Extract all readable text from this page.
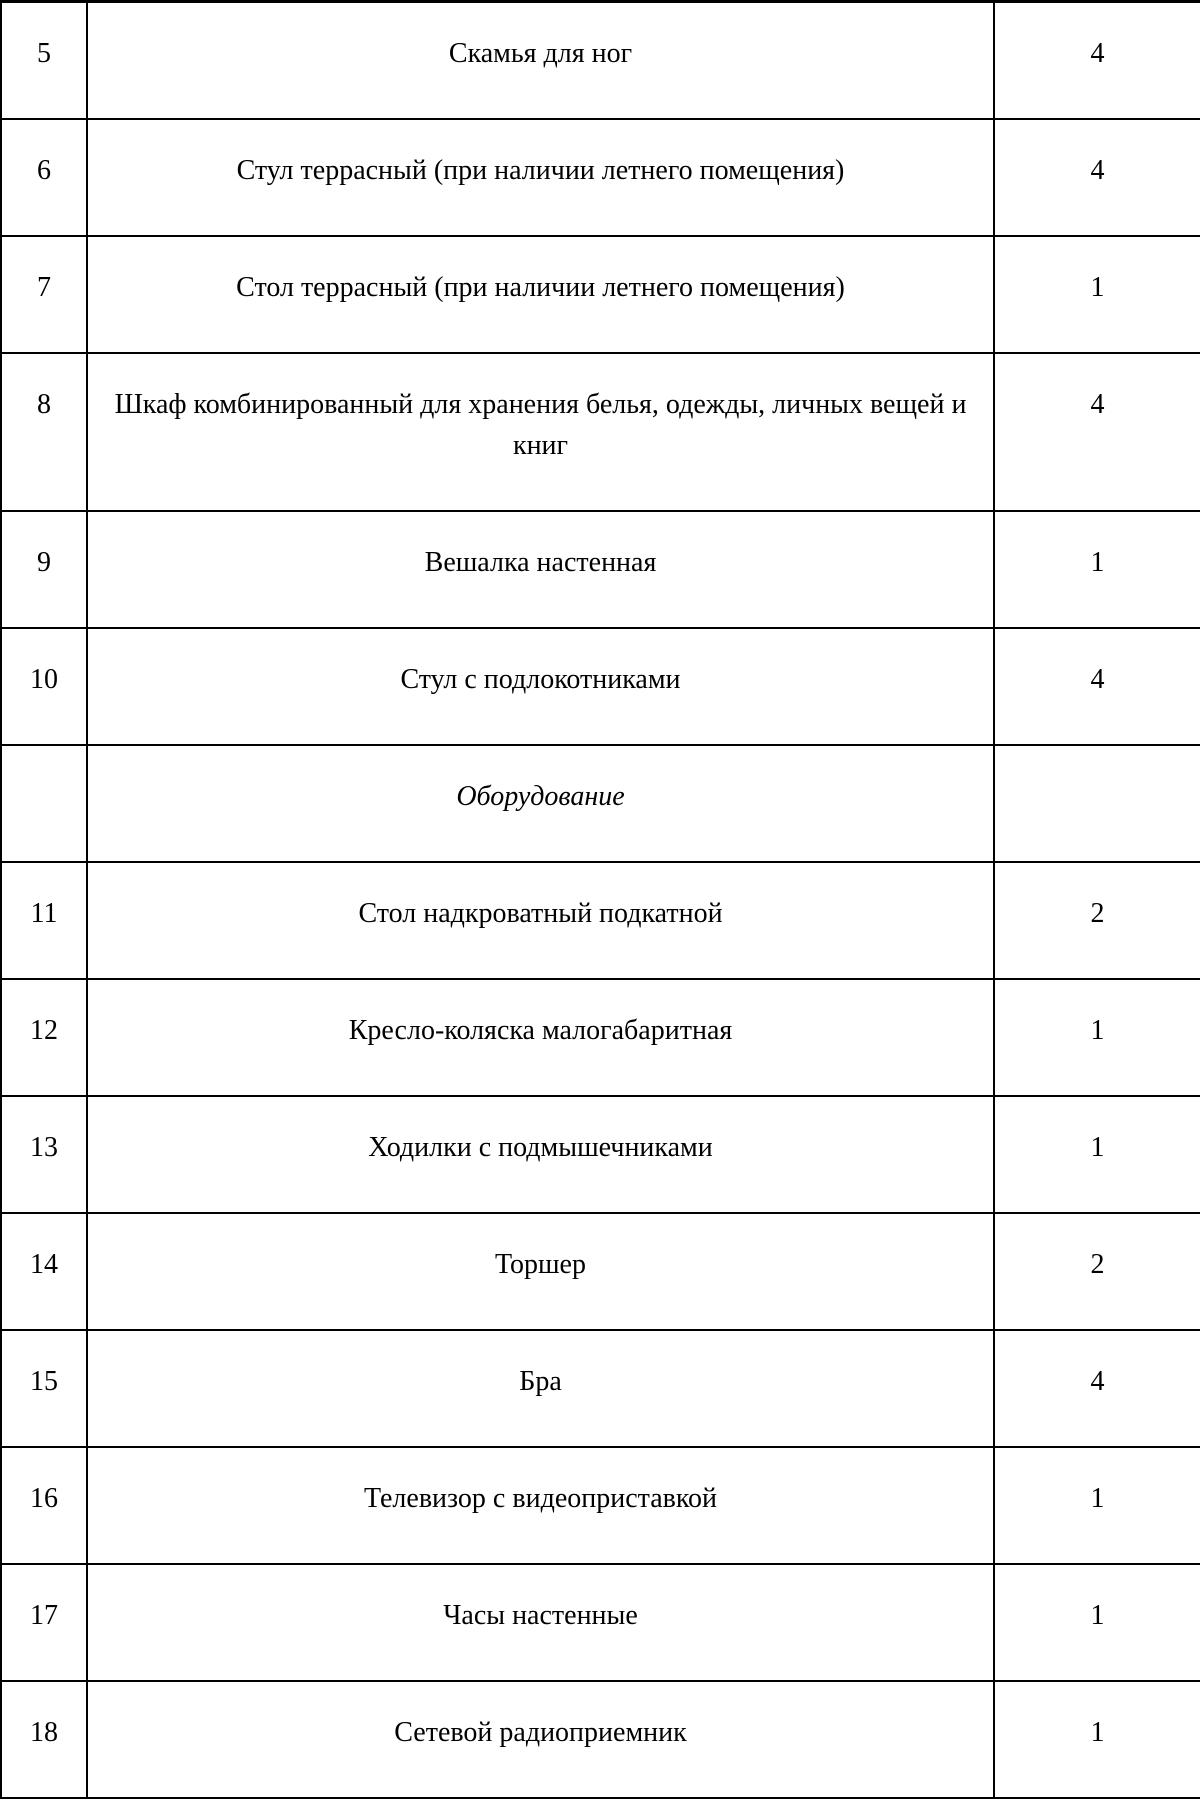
5	Скамья для ног	4
6	Стул террасный (при наличии летнего помещения)	4
7	Стол террасный (при наличии летнего помещения)	1
8	Шкаф комбинированный для хранения белья, одежды, личных вещей и книг	4
9	Вешалка настенная	1
10	Стул с подлокотниками	4
	Оборудование	
11	Стол надкроватный подкатной	2
12	Кресло-коляска малогабаритная	1
13	Ходилки с подмышечниками	1
14	Торшер	2
15	Бра	4
16	Телевизор с видеоприставкой	1
17	Часы настенные	1
18	Сетевой радиоприемник	1
